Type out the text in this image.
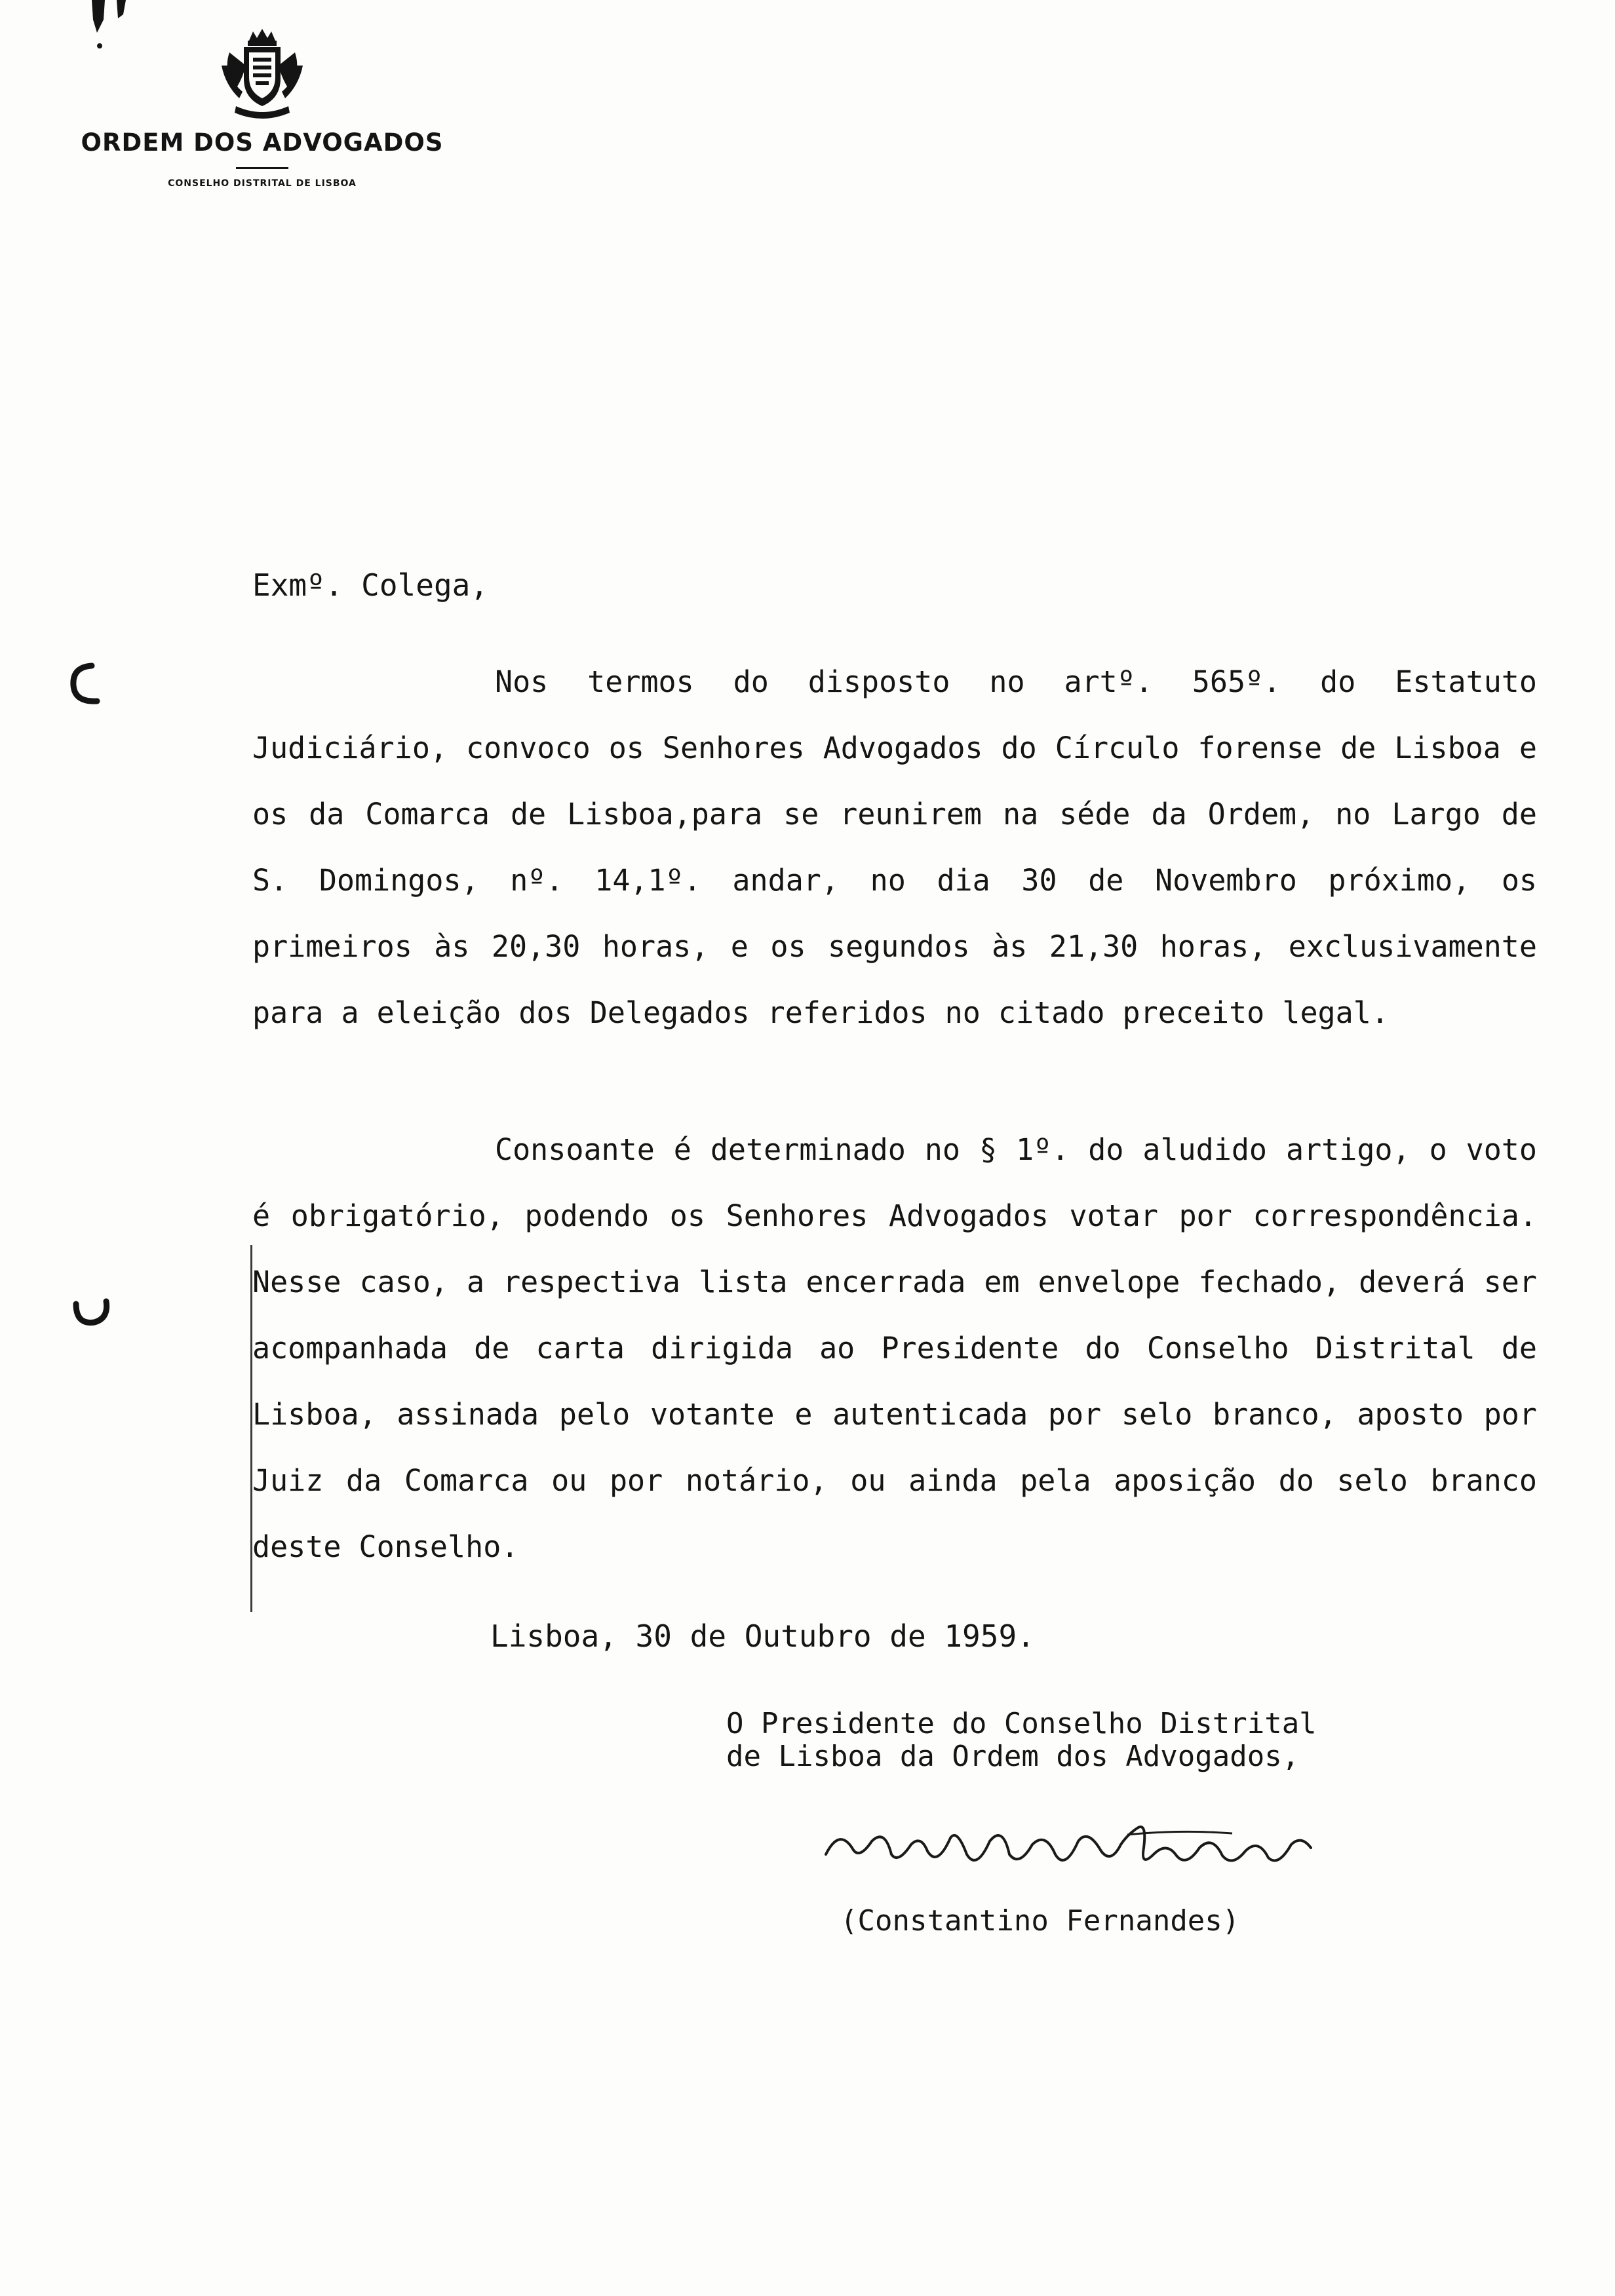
ORDEM DOS ADVOGADOS
CONSELHO DISTRITAL DE LISBOA
Exmº. Colega,
Nos termos do disposto no artº. 565º. do Estatuto Judiciário, convoco os Senhores Advogados do Círculo forense de Lisboa e os da Comarca de Lisboa,para se reunirem na séde da Ordem, no Largo de S. Domingos, nº. 14,1º. andar, no dia 30 de Novembro próximo, os primeiros às 20,30 horas, e os segundos às 21,30 horas, exclusivamente para a eleição dos Delegados referidos no citado preceito legal.
Consoante é determinado no § 1º. do aludido artigo, o voto é obrigatório, podendo os Senhores Advogados votar por correspondência. Nesse caso, a respectiva lista encerrada em envelope fechado, deverá ser acompanhada de carta dirigida ao Presidente do Conselho Distrital de Lisboa, assinada pelo votante e autenticada por selo branco, aposto por Juiz da Comarca ou por notário, ou ainda pela aposição do selo branco deste Conselho.
Lisboa, 30 de Outubro de 1959.
O Presidente do Conselho Distrital
de Lisboa da Ordem dos Advogados,
(Constantino Fernandes)
